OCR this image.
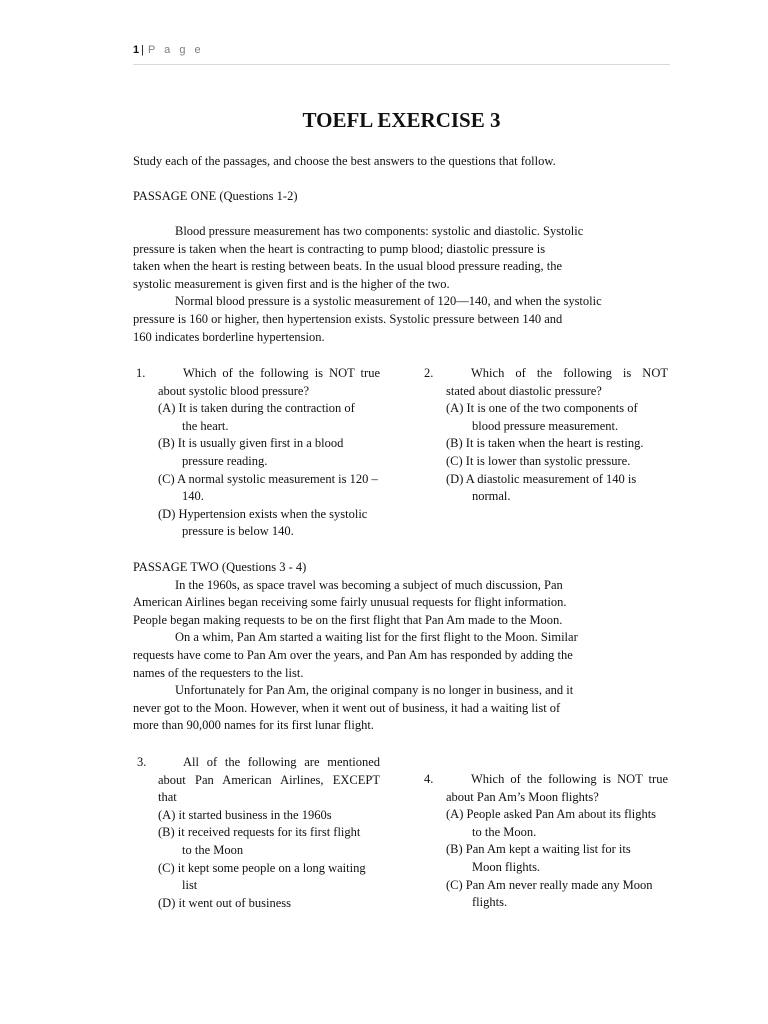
1 | P a g e
TOEFL EXERCISE 3
Study each of the passages, and choose the best answers to the questions that follow.
PASSAGE ONE (Questions 1-2)
Blood pressure measurement has two components: systolic and diastolic. Systolic
pressure is taken when the heart is contracting to pump blood; diastolic pressure is
taken when the heart is resting between beats. In the usual blood pressure reading, the
systolic measurement is given first and is the higher of the two.
Normal blood pressure is a systolic measurement of 120—140, and when the systolic
pressure is 160 or higher, then hypertension exists. Systolic pressure between 140 and
160 indicates borderline hypertension.
1.	Which of the following is NOT true
about systolic blood pressure?
(A) It is taken during the contraction of
the heart.
(B) It is usually given first in a blood
pressure reading.
(C) A normal systolic measurement is 120 –
140.
(D) Hypertension exists when the systolic
pressure is below 140.
2.	Which of the following is NOT
stated about diastolic pressure?
(A) It is one of the two components of
blood pressure measurement.
(B) It is taken when the heart is resting.
(C) It is lower than systolic pressure.
(D) A diastolic measurement of 140 is
normal.
PASSAGE TWO (Questions 3 - 4)
In the 1960s, as space travel was becoming a subject of much discussion, Pan
American Airlines began receiving some fairly unusual requests for flight information.
People began making requests to be on the first flight that Pan Am made to the Moon.
On a whim, Pan Am started a waiting list for the first flight to the Moon. Similar
requests have come to Pan Am over the years, and Pan Am has responded by adding the
names of the requesters to the list.
Unfortunately for Pan Am, the original company is no longer in business, and it
never got to the Moon. However, when it went out of business, it had a waiting list of
more than 90,000 names for its first lunar flight.
3.	All of the following are mentioned
about Pan American Airlines, EXCEPT
that
(A) it started business in the 1960s
(B) it received requests for its first flight
to the Moon
(C) it kept some people on a long waiting
list
(D) it went out of business
4.	Which of the following is NOT true
about Pan Am’s Moon flights?
(A) People asked Pan Am about its flights
to the Moon.
(B) Pan Am kept a waiting list for its
Moon flights.
(C) Pan Am never really made any Moon
flights.
